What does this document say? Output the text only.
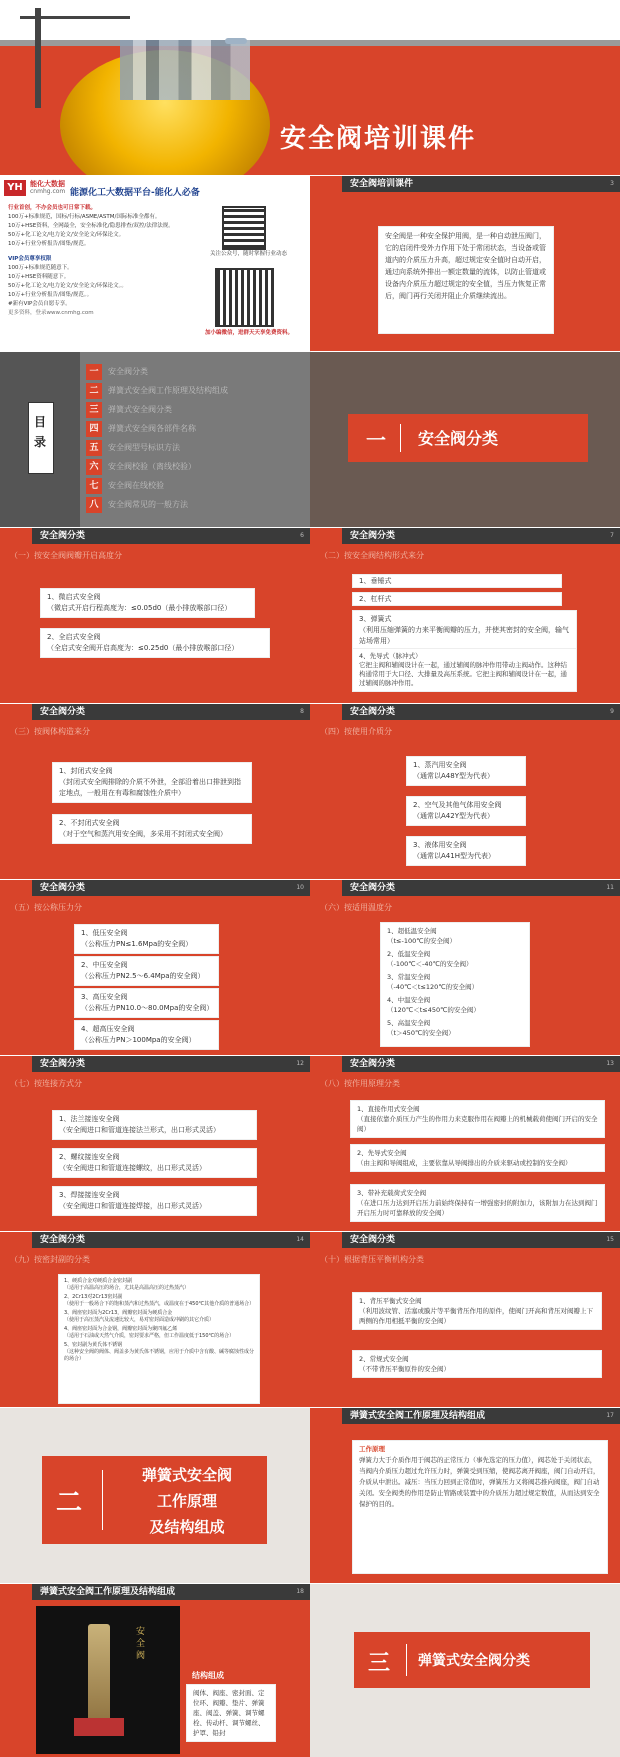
安全阀培训课件
YH	能化大数据
cnmhg.com 能源化工大数据平台-能化人必备
行业首创，不办会员也可日常下载。
100万+标准规范，国标/行标/ASME/ASTM/国际标准全都有。
10万+HSE资料，全网最全，安全标准化/隐患排查/双控/法律法规。
50万+化工论文/电力论文/安全论文/环保论文。
10万+行业分析报告/图集/规范。
VIP会员尊享权限
100万+标准规范随意下。
10万+HSE资料随意下。
50万+化工论文/电力论文/安全论文/环保论文。。
10万+行业分析报告/图集/规范。。
#新有VIP会员自愿专享。
更多资料，登录www.cnmhg.com
关注公众号，随时掌握行业动态
加小编微信，进群天天享免费资料。
安全阀培训课件	3
安全阀是一种安全保护用阀，是一种自动泄压阀门，它的启闭件受外力作用下处于常闭状态，当设备或管道内的介质压力升高，超过规定安全值时自动开启，通过向系统外排出一额定数量的流体，以防止管道或设备内介质压力超过规定的安全值，当压力恢复正常后，阀门再行关闭并阻止介质继续流出。
目录
一	安全阀分类
二	弹簧式安全阀工作原理及结构组成
三	弹簧式安全阀分类
四	弹簧式安全阀各部件名称
五	安全阀型号标识方法
六	安全阀校验（离线校验）
七	安全阀在线校验
八	安全阀常见的一般方法
一 安全阀分类
安全阀分类	6
（一）按安全阀阀瓣开启高度分
1、微启式安全阀
（微启式开启行程高度为：≤0.05d0（最小排放喉部口径）
2、全启式安全阀
（全启式安全阀开启高度为：≤0.25d0（最小排放喉部口径）
安全阀分类	7
（二）按安全阀结构形式来分
1、垂锤式
2、杠杆式
3、弹簧式
（利用压缩弹簧的力来平衡阀瓣的压力，并使其密封的安全阀，输气站场常用）
4、先导式（脉冲式）
它把主阀和辅阀设计在一起，通过辅阀的脉冲作用带动主阀动作。这种结构通常用于大口径、大排量及高压系统。它把主阀和辅阀设计在一起，通过辅阀的脉冲作用。
安全阀分类	8
（三）按阀体构造来分
1、封闭式安全阀
（封闭式安全阀排除的介质不外泄，全部沿着出口排泄到指定地点，一般用在有毒和腐蚀性介质中）
2、不封闭式安全阀
（对于空气和蒸汽用安全阀，多采用不封闭式安全阀）
安全阀分类	9
（四）按使用介质分
1、蒸汽用安全阀
（通常以A48Y型为代表）
2、空气及其他气体用安全阀
（通常以A42Y型为代表）
3、液体用安全阀
（通常以A41H型为代表）
安全阀分类	10
（五）按公称压力分
1、低压安全阀
（公称压力PN≤1.6Mpa的安全阀）
2、中压安全阀
（公称压力PN2.5～6.4Mpa的安全阀）
3、高压安全阀
（公称压力PN10.0～80.0Mpa的安全阀）
4、超高压安全阀
（公称压力PN＞100Mpa的安全阀）
安全阀分类	11
（六）按适用温度分
1、超低温安全阀
（t≤-100℃的安全阀）
2、低温安全阀
（-100℃＜-40℃的安全阀）
3、常温安全阀
（-40℃＜t≤120℃的安全阀）
4、中温安全阀
（120℃＜t≤450℃的安全阀）
5、高温安全阀
（t＞450℃的安全阀）
安全阀分类	12
（七）按连接方式分
1、法兰接连安全阀
（安全阀进口和管道连接法兰形式，出口形式灵活）
2、螺纹接连安全阀
（安全阀进口和管道连接螺纹，出口形式灵活）
3、焊接接连安全阀
（安全阀进口和管道连接焊接，出口形式灵活）
安全阀分类	13
（八）按作用原理分类
1、直接作用式安全阀
（直接依靠介质压力产生的作用力来克服作用在阀瓣上的机械载荷使阀门开启的安全阀）
2、先导式安全阀
（由主阀和导阀组成，主要依靠从导阀排出的介质来驱动或控制的安全阀）
3、带补充载荷式安全阀
（在进口压力达到开启压力前始终保持有一增强密封的附加力，该附加力在达到阀门开启压力时可靠释放的安全阀）
安全阀分类	14
（九）按密封副的分类
1、硬质合金对硬质合金密封副
（适用于高温高压的场合，尤其是高温高压的过热蒸汽）
2、2Cr13对2Cr13密封副
（使用于一般场合下的饱和蒸汽和过热蒸汽，或温度在于450℃其他介质的普通场合）
3、阀座密封面为2Cr13，阀瓣密封面为硬质合金
（使用于高压蒸汽及流速比较大，易对密封面造成冲刷的其它介质）
4、阀座密封面为合金钢，阀瓣密封面为聚四氟乙烯
（适用于石油或天然气介质，密封要求严格，但工作温度低于150℃的场合）
5、密封副为黄氏体不锈钢
（这种安全阀的阀体、阀盖多为黄氏体不锈钢，应用于介质中含有酸、碱等腐蚀性成分的场合）
安全阀分类	15
（十）根据背压平衡机构分类
1、背压平衡式安全阀
（利用波纹管、活塞或膜片等平衡背压作用的原件，使阀门开高和背压对阀瓣上下两侧的作用相抵平衡的安全阀）
2、常规式安全阀
（不带背压平衡原件的安全阀）
二
弹簧式安全阀
工作原理
及结构组成
弹簧式安全阀工作原理及结构组成	17
工作原理
弹簧力大于介质作用于阀芯的正常压力（事先选定的压力值），阀芯处于关闭状态，当阀内介质压力超过允许压力时，弹簧受到压缩，使阀芯离开阀座，阀门自动开启，介质从中泄出。减压：当压力回到正常值时，弹簧压力又将阀芯推向阀座，阀门自动关闭。安全阀类的作用是防止管路或装置中的介质压力超过规定数值，从而达到安全保护的目的。
弹簧式安全阀工作原理及结构组成	18
安全阀
结构组成
阀体、阀座、密封面、定位环、阀瓣、垫片、弹簧座、阀盖、弹簧、调节螺栓、传动杆、调节螺丝、护罩、铅封
三 弹簧式安全阀分类
